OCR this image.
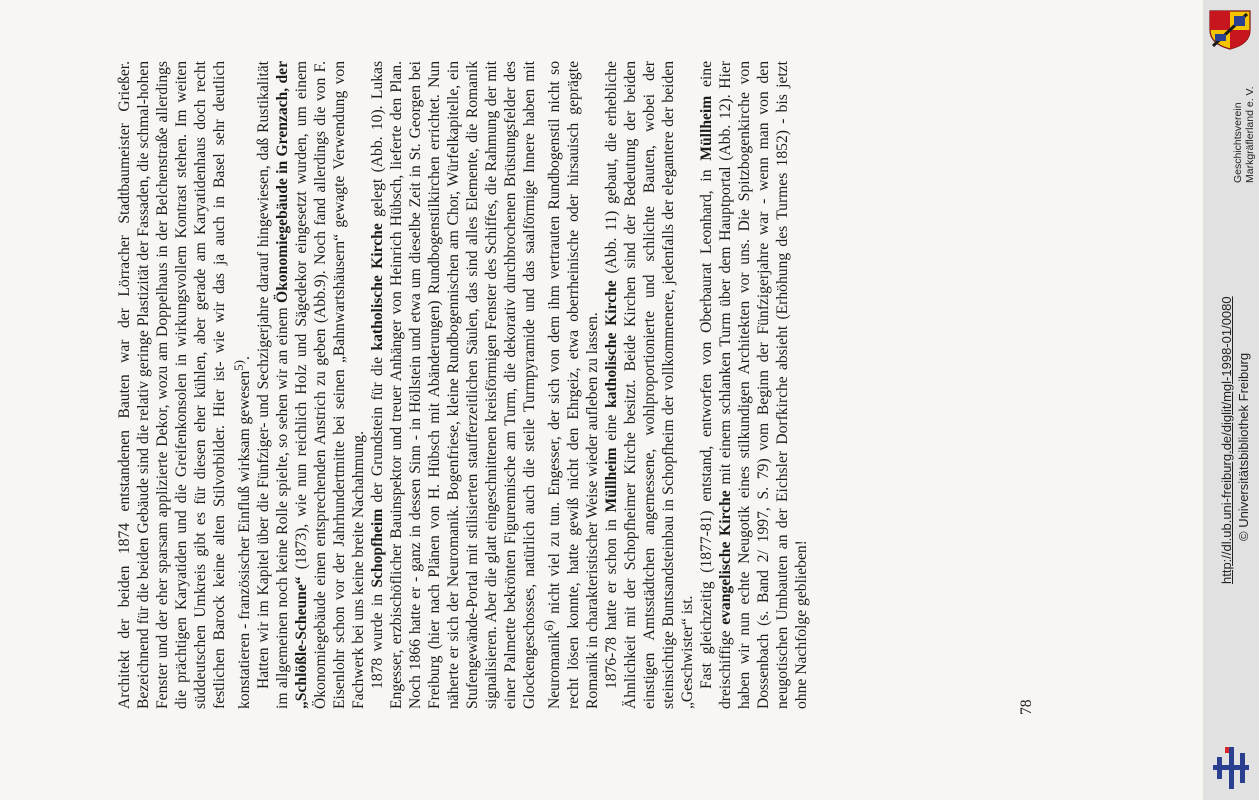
Architekt der beiden 1874 entstandenen Bauten war der Lörracher Stadtbaumeister Grießer. Bezeichnend für die beiden Gebäude sind die relativ geringe Plastizität der Fassaden, die schmal-hohen Fenster und der eher sparsam applizierte Dekor, wozu am Doppelhaus in der Belchenstraße allerdings die prächtigen Karyatiden und die Greifenkonsolen in wirkungsvollem Kontrast stehen. Im weiten süddeutschen Umkreis gibt es für diesen eher kühlen, aber gerade am Karyatidenhaus doch recht festlichen Barock keine alten Stilvorbilder. Hier ist- wie wir das ja auch in Basel sehr deutlich konstatieren - französischer Einfluß wirksam gewesen$^{5)}$. Hatten wir im Kapitel über die Fünfziger- und Sechzigerjahre darauf hingewiesen, daß Rustikalität im allgemeinen noch keine Rolle spielte, so sehen wir an einem Ökonomiegebäude in Grenzach, der „Schlößle-Scheune“ (1873), wie nun reichlich Holz und Sägedekor eingesetzt wurden, um einem Ökonomiegebäude einen entsprechenden Anstrich zu geben (Abb.9). Noch fand allerdings die von F. Eisenlohr schon vor der Jahrhundertmitte bei seinen „Bahnwartshäusern“ gewagte Verwendung von Fachwerk bei uns keine breite Nachahmung. 1878 wurde in Schopfheim der Grundstein für die katholische Kirche gelegt (Abb. 10). Lukas Engesser, erzbischöflicher Bauinspektor und treuer Anhänger von Heinrich Hübsch, lieferte den Plan. Noch 1866 hatte er - ganz in dessen Sinn - in Höllstein und etwa um dieselbe Zeit in St. Georgen bei Freiburg (hier nach Plänen von H. Hübsch mit Abänderungen) Rundbogenstilkirchen errichtet. Nun näherte er sich der Neuromanik. Bogenfriese, kleine Rundbogennischen am Chor, Würfelkapitelle, ein Stufengewände-Portal mit stilisierten staufferzeitlichen Säulen, das sind alles Elemente, die Romanik signalisieren. Aber die glatt eingeschnittenen kreisförmigen Fenster des Schiffes, die Rahmung der mit einer Palmette bekrönten Figurennische am Turm, die dekorativ durchbrochenen Brüstungsfelder des Glockengeschosses, natürlich auch die steile Turmpyramide und das saalförmige Innere haben mit Neuromanik$^{6)}$ nicht viel zu tun. Engesser, der sich von dem ihm vertrauten Rundbogenstil nicht so recht lösen konnte, hatte gewiß nicht den Ehrgeiz, etwa oberrheinische oder hirsauisch geprägte Romanik in charakteristischer Weise wieder aufleben zu lassen. 1876-78 hatte er schon in Müllheim eine katholische Kirche (Abb. 11) gebaut, die erhebliche Ähnlichkeit mit der Schopfheimer Kirche besitzt. Beide Kirchen sind der Bedeutung der beiden einstigen Amtsstädtchen angemessene, wohlproportionierte und schlichte Bauten, wobei der steinsichtige Buntsandsteinbau in Schopfheim der vollkommenere, jedenfalls der elegantere der beiden „Geschwister“ ist. Fast gleichzeitig (1877-81) entstand, entworfen von Oberbaurat Leonhard, in Müllheim eine dreischiffige evangelische Kirche mit einem schlanken Turm über dem Hauptportal (Abb. 12). Hier haben wir nun echte Neugotik eines stilkundigen Architekten vor uns. Die Spitzbogenkirche von Dossenbach (s. Band 2/ 1997, S. 79) vom Beginn der Fünfzigerjahre war - wenn man von den neugotischen Umbauten an der Eichsler Dorfkirche absieht (Erhöhung des Turmes 1852) - bis jetzt ohne Nachfolge geblieben!	78
Geschichtsverein Markgräflerland e. V.
http://dl.ub.uni-freiburg.de/diglit/mgl-1998-01/0080 © Universitätsbibliothek Freiburg
